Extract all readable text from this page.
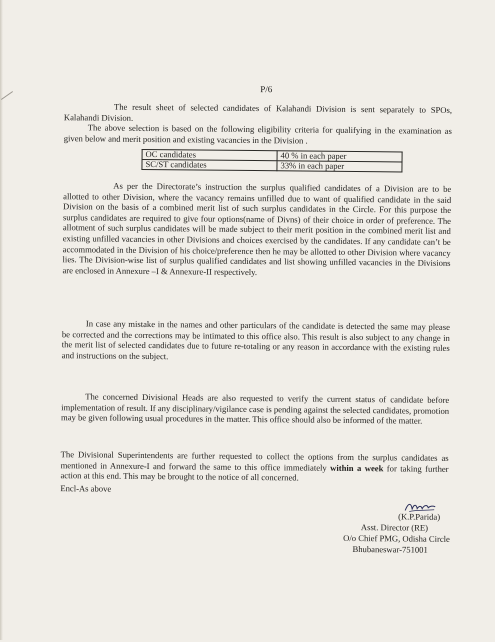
P/6

The result sheet of selected candidates of Kalahandi Division is sent separately to SPOs, Kalahandi Division.

The above selection is based on the following eligibility criteria for qualifying in the examination as given below and merit position and existing vacancies in the Division .

OC candidates	40 % in each paper
SC/ST candidates	33% in each paper

As per the Directorate’s instruction the surplus qualified candidates of a Division are to be allotted to other Division, where the vacancy remains unfilled due to want of qualified candidate in the said Division on the basis of a combined merit list of such surplus candidates in the Circle. For this purpose the surplus candidates are required to give four options(name of Divns) of their choice in order of preference. The allotment of such surplus candidates will be made subject to their merit position in the combined merit list and existing unfilled vacancies in other Divisions and choices exercised by the candidates. If any candidate can’t be accommodated in the Division of his choice/preference then he may be allotted to other Division where vacancy lies. The Division-wise list of surplus qualified candidates and list showing unfilled vacancies in the Divisions are enclosed in Annexure –I & Annexure-II respectively.

In case any mistake in the names and other particulars of the candidate is detected the same may please be corrected and the corrections may be intimated to this office also. This result is also subject to any change in the merit list of selected candidates due to future re-totaling or any reason in accordance with the existing rules and instructions on the subject.

The concerned Divisional Heads are also requested to verify the current status of candidate before implementation of result. If any disciplinary/vigilance case is pending against the selected candidates, promotion may be given following usual procedures in the matter. This office should also be informed of the matter.

The Divisional Superintendents are further requested to collect the options from the surplus candidates as mentioned in Annexure-I and forward the same to this office immediately within a week for taking further action at this end. This may be brought to the notice of all concerned.

Encl-As above
(K.P.Parida)
Asst. Director (RE)
O/o Chief PMG, Odisha Circle
Bhubaneswar-751001
